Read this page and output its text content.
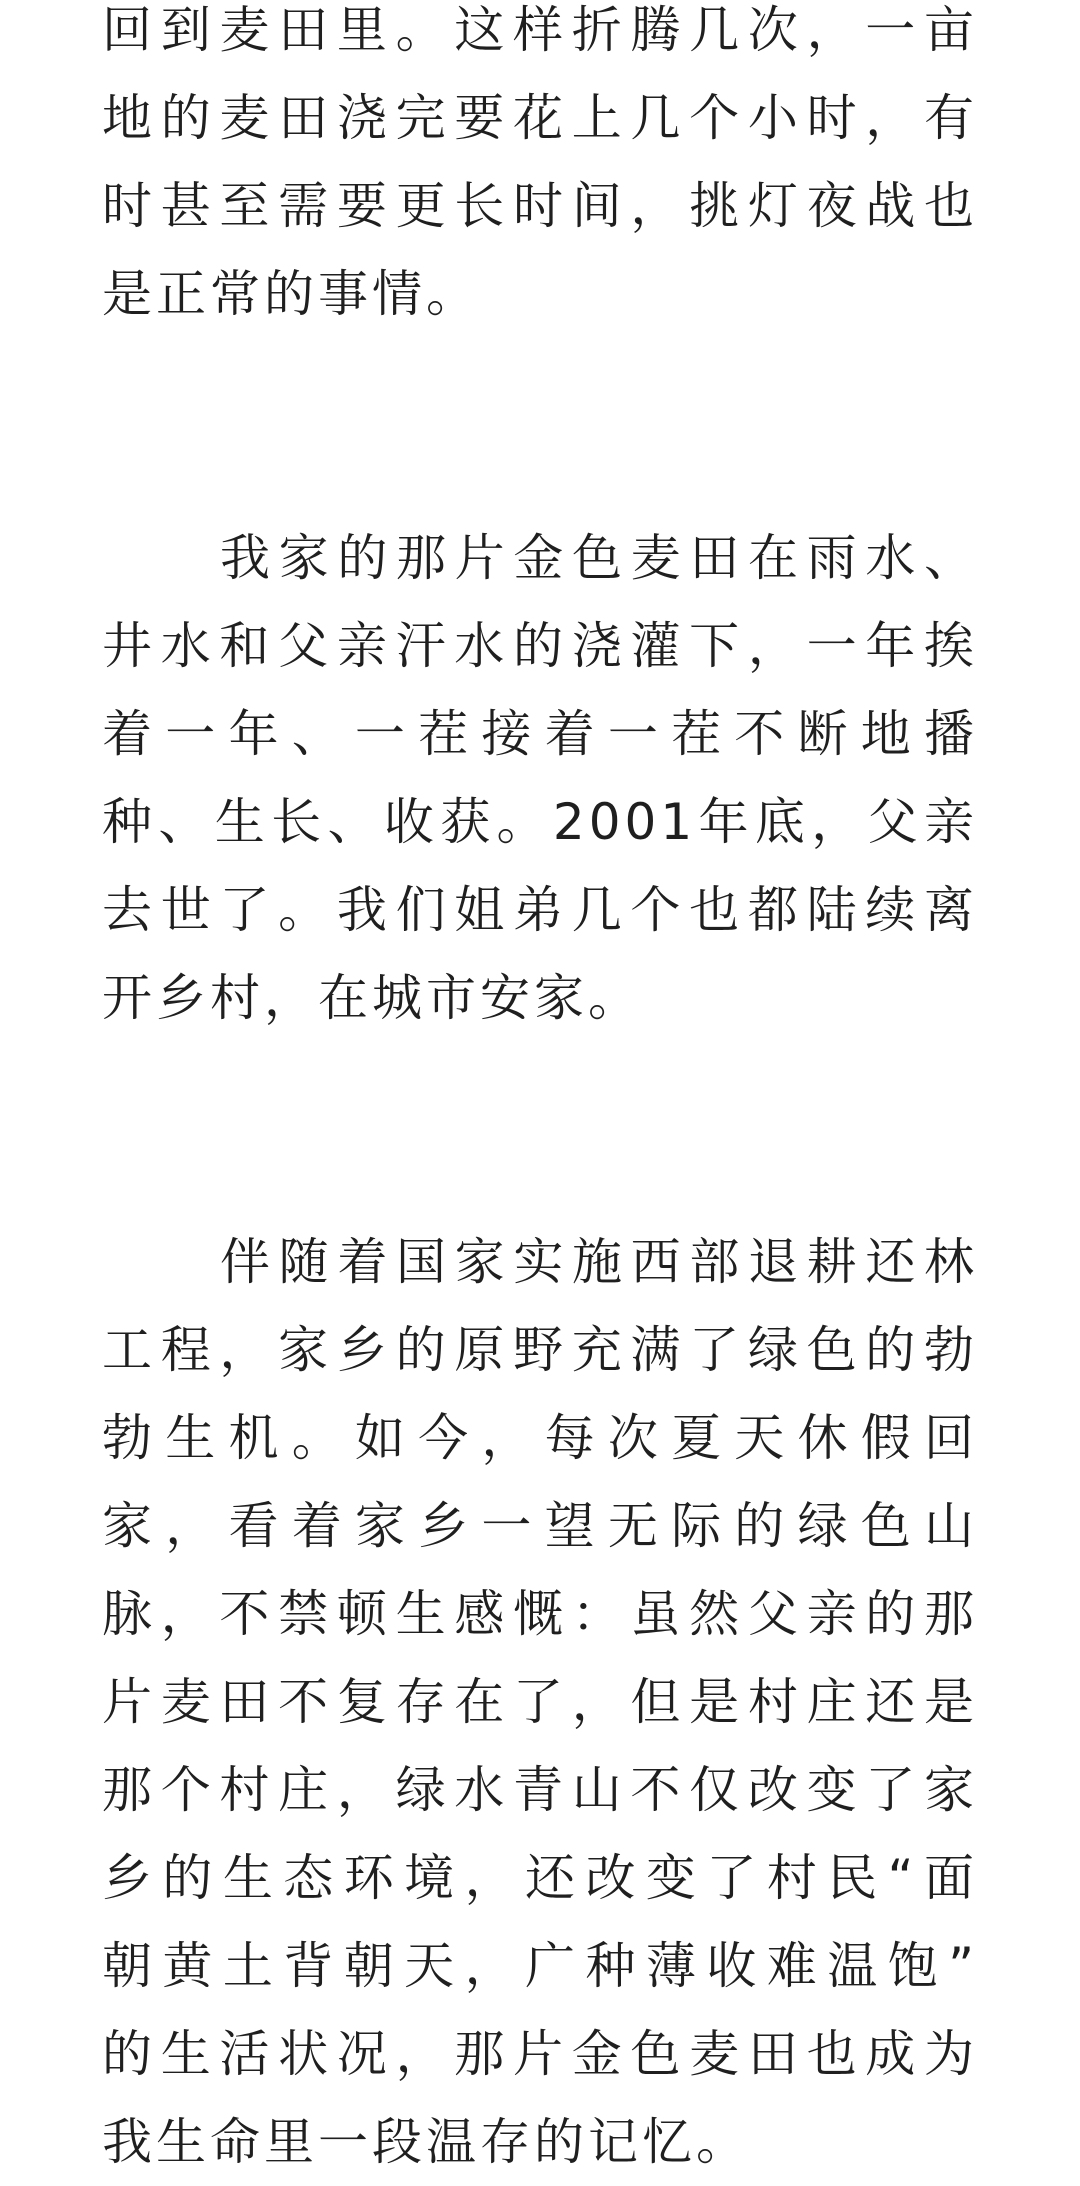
回到麦田里。这样折腾几次，一亩
地的麦田浇完要花上几个小时，有
时甚至需要更长时间，挑灯夜战也
是正常的事情。
我家的那片金色麦田在雨水、
井水和父亲汗水的浇灌下，一年挨
着一年、一茬接着一茬不断地播
种、生长、收获。2001年底，父亲
去世了。我们姐弟几个也都陆续离
开乡村，在城市安家。
伴随着国家实施西部退耕还林
工程，家乡的原野充满了绿色的勃
勃生机。如今，每次夏天休假回
家，看着家乡一望无际的绿色山
脉，不禁顿生感慨：虽然父亲的那
片麦田不复存在了，但是村庄还是
那个村庄，绿水青山不仅改变了家
乡的生态环境，还改变了村民“面
朝黄土背朝天，广种薄收难温饱”
的生活状况，那片金色麦田也成为
我生命里一段温存的记忆。
